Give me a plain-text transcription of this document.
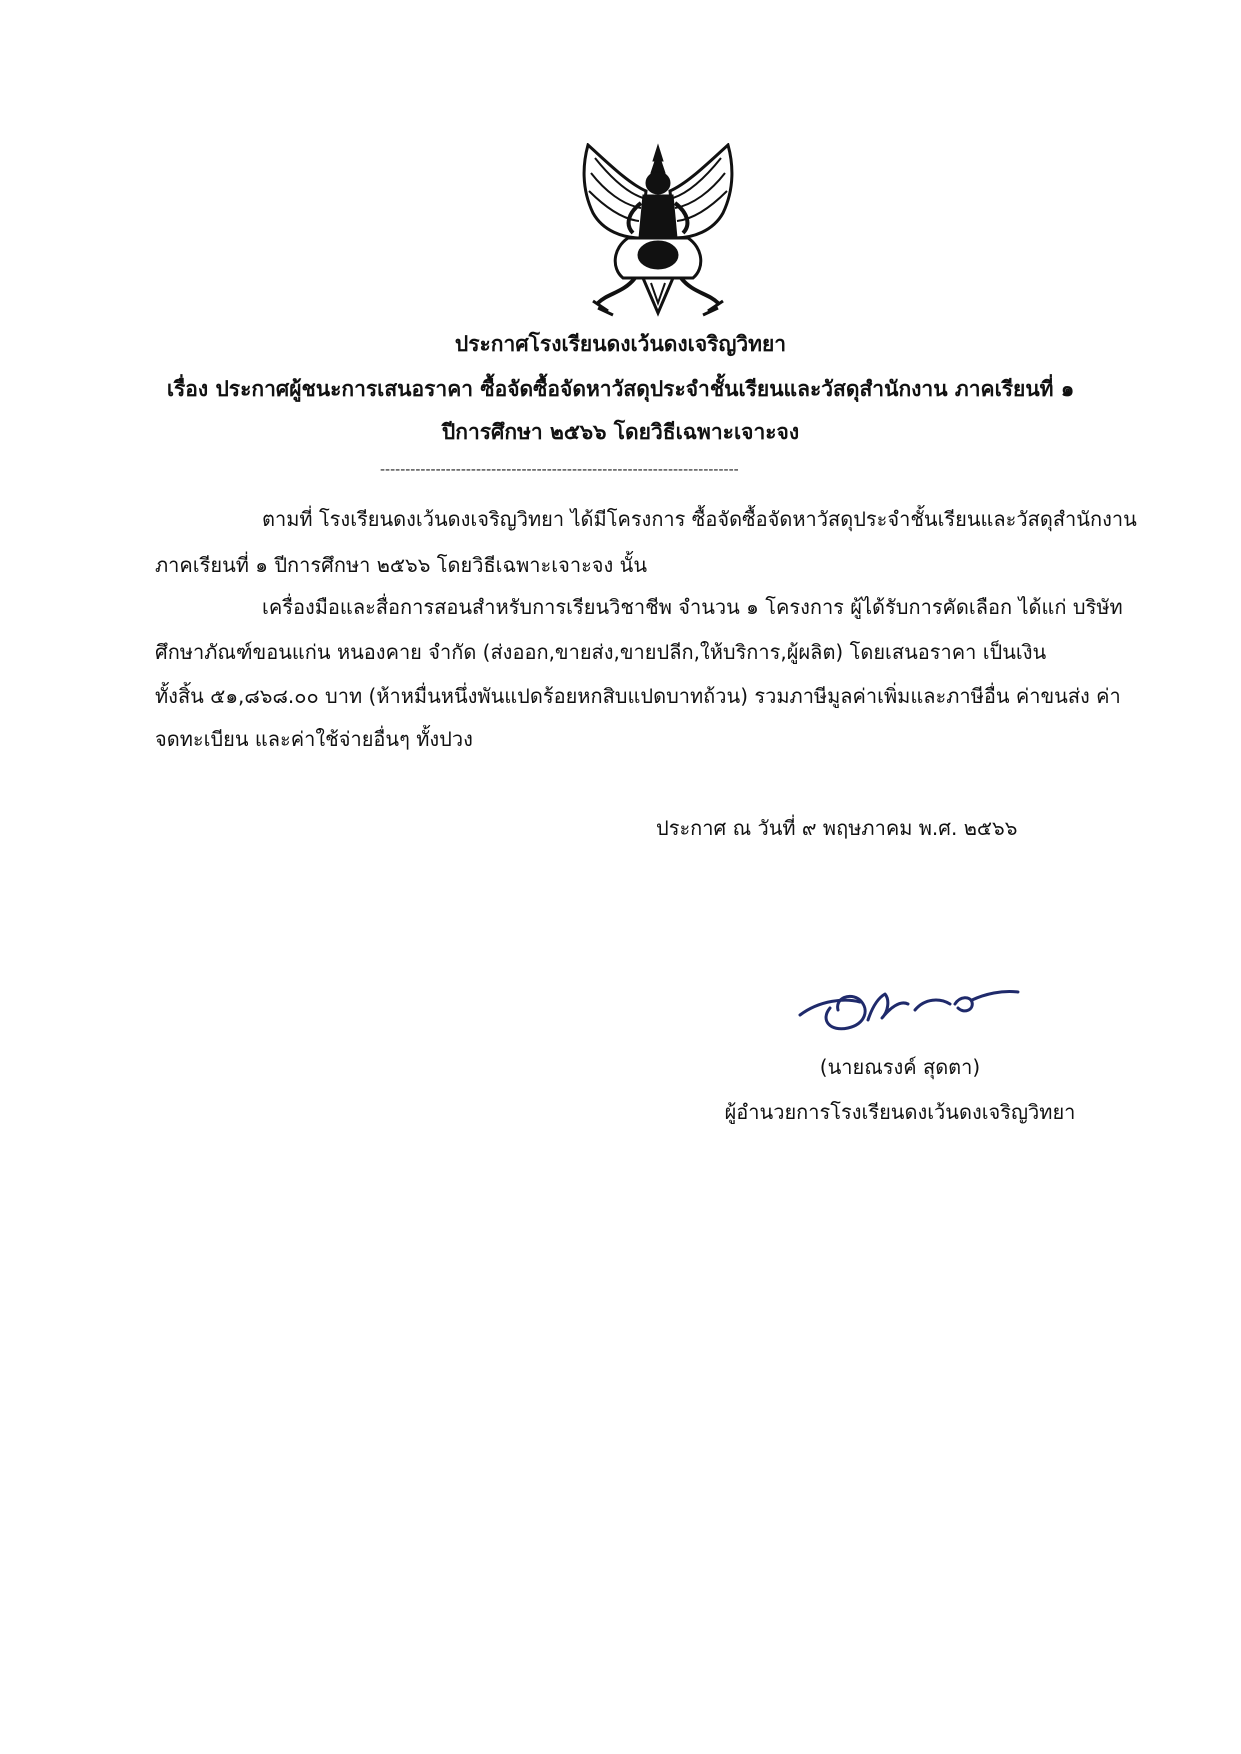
ประกาศโรงเรียนดงเว้นดงเจริญวิทยา
เรื่อง ประกาศผู้ชนะการเสนอราคา ซื้อจัดซื้อจัดหาวัสดุประจำชั้นเรียนและวัสดุสำนักงาน ภาคเรียนที่ ๑
ปีการศึกษา ๒๕๖๖ โดยวิธีเฉพาะเจาะจง
-----------------------------------------------------------------------
ตามที่ โรงเรียนดงเว้นดงเจริญวิทยา ได้มีโครงการ ซื้อจัดซื้อจัดหาวัสดุประจำชั้นเรียนและวัสดุสำนักงาน
ภาคเรียนที่ ๑ ปีการศึกษา ๒๕๖๖ โดยวิธีเฉพาะเจาะจง นั้น
เครื่องมือและสื่อการสอนสำหรับการเรียนวิชาชีพ จำนวน ๑ โครงการ ผู้ได้รับการคัดเลือก ได้แก่ บริษัท
ศึกษาภัณฑ์ขอนแก่น หนองคาย จำกัด (ส่งออก,ขายส่ง,ขายปลีก,ให้บริการ,ผู้ผลิต) โดยเสนอราคา เป็นเงิน
ทั้งสิ้น ๕๑,๘๖๘.๐๐ บาท (ห้าหมื่นหนึ่งพันแปดร้อยหกสิบแปดบาทถ้วน) รวมภาษีมูลค่าเพิ่มและภาษีอื่น ค่าขนส่ง ค่า
จดทะเบียน และค่าใช้จ่ายอื่นๆ ทั้งปวง
ประกาศ ณ วันที่ ๙ พฤษภาคม พ.ศ. ๒๕๖๖
(นายณรงค์ สุดตา)
ผู้อำนวยการโรงเรียนดงเว้นดงเจริญวิทยา
